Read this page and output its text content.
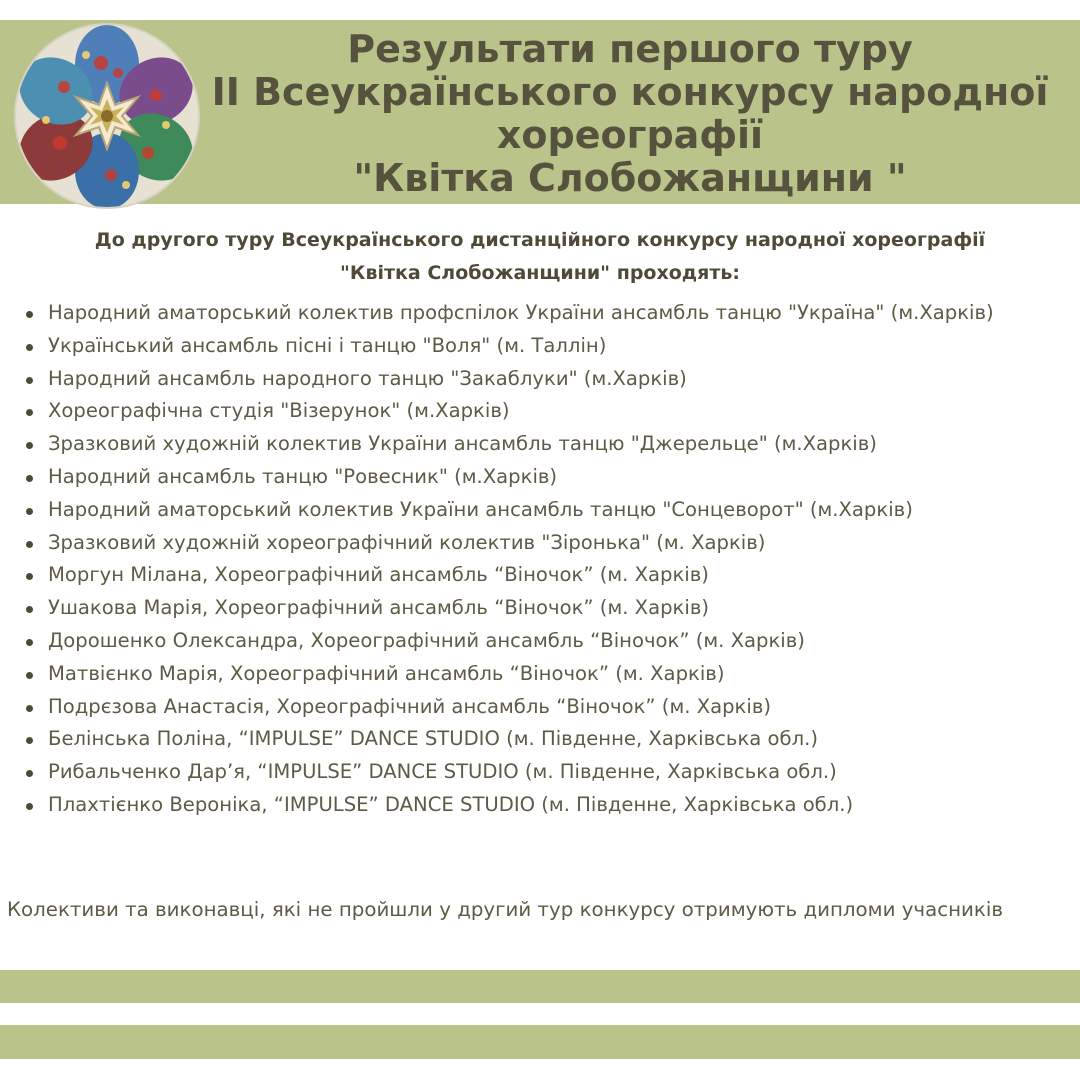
Результати першого туру
ІІ Всеукраїнського конкурсу народної
хореографії
"Квітка Слобожанщини "

До другого туру Всеукраїнського дистанційного конкурсу народної хореографії
"Квітка Слобожанщини" проходять:

Народний аматорський колектив профспілок України ансамбль танцю "Україна" (м.Харків)
Український ансамбль пісні і танцю "Воля" (м. Таллін)
Народний ансамбль народного танцю "Закаблуки" (м.Харків)
Хореографічна студія "Візерунок" (м.Харків)
Зразковий художній колектив України ансамбль танцю "Джерельце" (м.Харків)
Народний ансамбль танцю "Ровесник" (м.Харків)
Народний аматорський колектив України ансамбль танцю "Сонцеворот" (м.Харків)
Зразковий художній хореографічний колектив "Зіронька" (м. Харків)
Моргун Мілана, Хореографічний ансамбль “Віночок” (м. Харків)
Ушакова Марія, Хореографічний ансамбль “Віночок” (м. Харків)
Дорошенко Олександра, Хореографічний ансамбль “Віночок” (м. Харків)
Матвієнко Марія, Хореографічний ансамбль “Віночок” (м. Харків)
Подрєзова Анастасія, Хореографічний ансамбль “Віночок” (м. Харків)
Белінська Поліна, “IMPULSE” DANCE STUDIO (м. Південне, Харківська обл.)
Рибальченко Дар’я, “IMPULSE” DANCE STUDIO (м. Південне, Харківська обл.)
Плахтієнко Вероніка, “IMPULSE” DANCE STUDIO (м. Південне, Харківська обл.)

Колективи та виконавці, які не пройшли у другий тур конкурсу отримують дипломи учасників
